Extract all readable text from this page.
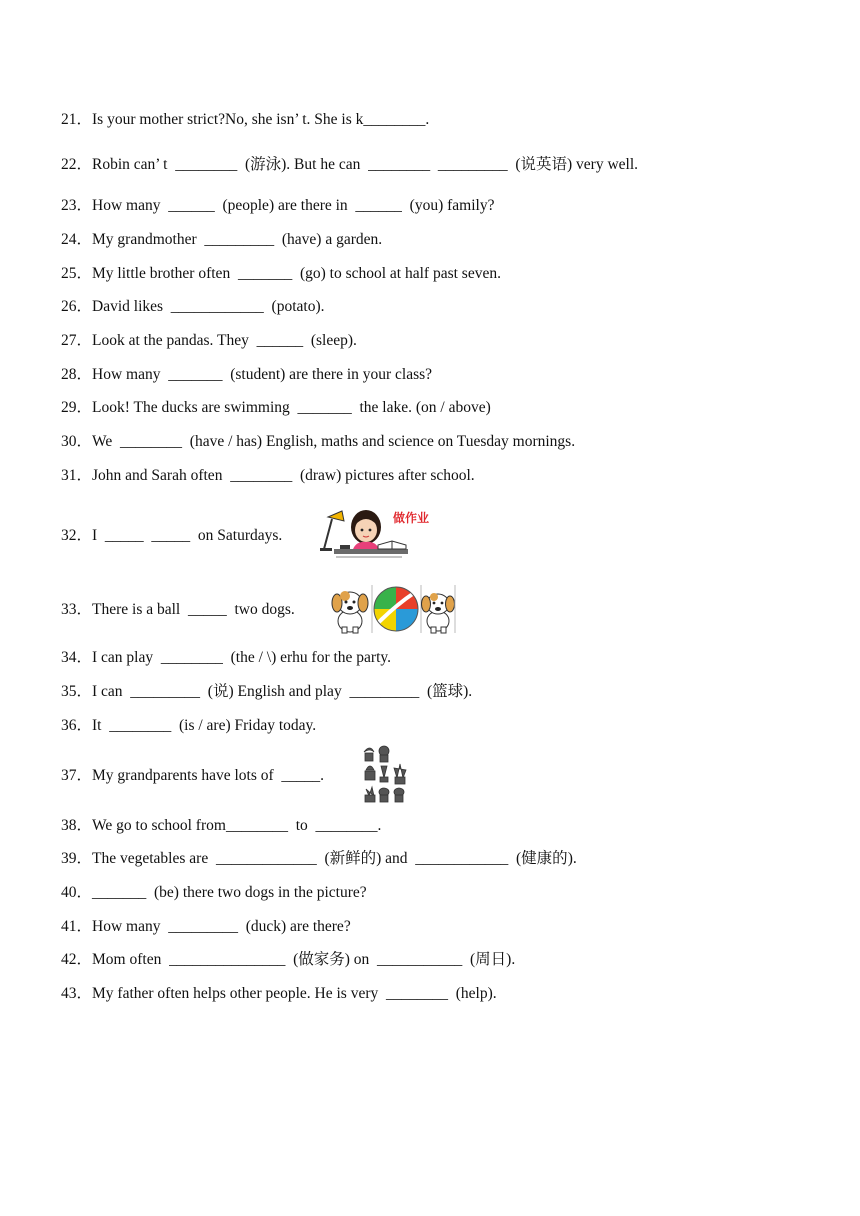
21．Is your mother strict?No, she isn’ t. She is k________.
22．Robin can’ t  ________  (游泳). But he can  ________  _________  (说英语) very well.
23．How many  ______  (people) are there in  ______  (you) family?
24．My grandmother  _________  (have) a garden.
25．My little brother often  _______  (go) to school at half past seven.
26．David likes  ____________  (potato).
27．Look at the pandas. They  ______  (sleep).
28．How many  _______  (student) are there in your class?
29．Look! The ducks are swimming  _______  the lake. (on / above)
30．We  ________  (have / has) English, maths and science on Tuesday mornings.
31．John and Sarah often  ________  (draw) pictures after school.
32．I  _____  _____  on Saturdays.
33．There is a ball  _____  two dogs.
34．I can play  ________  (the / \) erhu for the party.
35．I can  _________  (说) English and play  _________  (篮球).
36．It  ________  (is / are) Friday today.
37．My grandparents have lots of  _____.
38．We go to school from________  to  ________.
39．The vegetables are  _____________  (新鲜的) and  ____________  (健康的).
40．_______  (be) there two dogs in the picture?
41．How many  _________  (duck) are there?
42．Mom often  _______________  (做家务) on  ___________  (周日).
43．My father often helps other people. He is very  ________  (help).
做作业
